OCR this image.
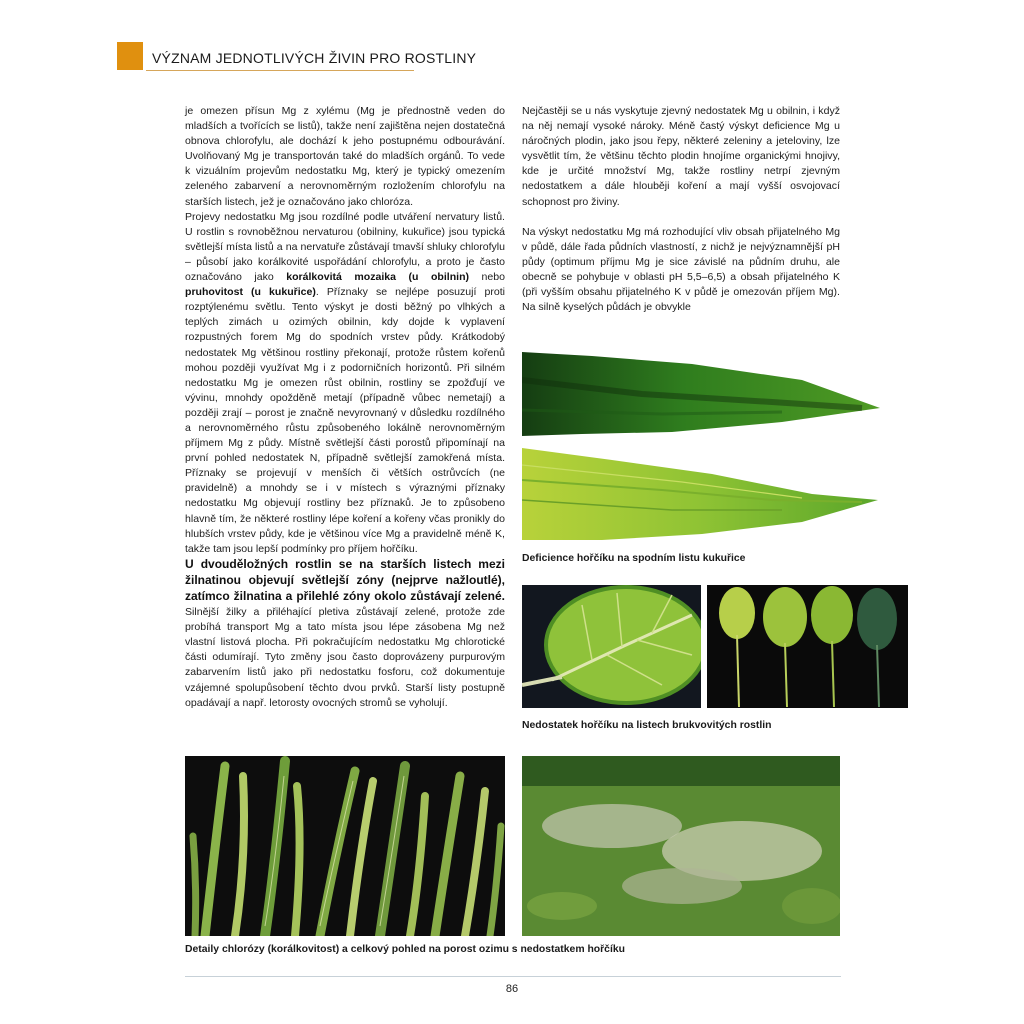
VÝZNAM JEDNOTLIVÝCH ŽIVIN PRO ROSTLINY

je omezen přísun Mg z xylému (Mg je přednostně veden do mladších a tvořících se listů), takže není zajištěna nejen dostatečná obnova chlorofylu, ale dochází k jeho postupnému odbourávání. Uvolňovaný Mg je transportován také do mladších orgánů. To vede k vizuálním projevům nedostatku Mg, který je typický omezením zeleného zabarvení a nerovnoměrným rozložením chlorofylu na starších listech, jež je označováno jako chloróza.

Projevy nedostatku Mg jsou rozdílné podle utváření nervatury listů. U rostlin s rovnoběžnou nervaturou (obilniny, kukuřice) jsou typická světlejší místa listů a na nervatuře zůstávají tmavší shluky chlorofylu – působí jako korálkovité uspořádání chlorofylu, a proto je často označováno jako korálkovitá mozaika (u obilnin) nebo pruhovitost (u kukuřice). Příznaky se nejlépe posuzují proti rozptýlenému světlu. Tento výskyt je dosti běžný po vlhkých a teplých zimách u ozimých obilnin, kdy dojde k vyplavení rozpustných forem Mg do spodních vrstev půdy. Krátkodobý nedostatek Mg většinou rostliny překonají, protože růstem kořenů mohou později využívat Mg i z podorničních horizontů. Při silném nedostatku Mg je omezen růst obilnin, rostliny se zpožďují ve vývinu, mnohdy opožděně metají (případně vůbec nemetají) a později zrají – porost je značně nevyrovnaný v důsledku rozdílného a nerovnoměrného růstu způsobeného lokálně nerovnoměrným příjmem Mg z půdy. Místně světlejší části porostů připomínají na první pohled nedostatek N, případně světlejší zamokřená místa. Příznaky se projevují v menších či větších ostrůvcích (ne pravidelně) a mnohdy se i v místech s výraznými příznaky nedostatku Mg objevují rostliny bez příznaků. Je to způsobeno hlavně tím, že některé rostliny lépe koření a kořeny včas pronikly do hlubších vrstev půdy, kde je většinou více Mg a pravidelně méně K, takže tam jsou lepší podmínky pro příjem hořčíku.

U dvouděložných rostlin se na starších listech mezi žilnatinou objevují světlejší zóny (nejprve nažloutlé), zatímco žilnatina a přilehlé zóny okolo zůstávají zelené. Silnější žilky a přiléhající pletiva zůstávají zelené, protože zde probíhá transport Mg a tato místa jsou lépe zásobena Mg než vlastní listová plocha. Při pokračujícím nedostatku Mg chlorotické části odumírají. Tyto změny jsou často doprovázeny purpurovým zabarvením listů jako při nedostatku fosforu, což dokumentuje vzájemné spolupůsobení těchto dvou prvků. Starší listy postupně opadávají a např. letorosty ovocných stromů se vyholují.

Nejčastěji se u nás vyskytuje zjevný nedostatek Mg u obilnin, i když na něj nemají vysoké nároky. Méně častý výskyt deficience Mg u náročných plodin, jako jsou řepy, některé zeleniny a jeteloviny, lze vysvětlit tím, že většinu těchto plodin hnojíme organickými hnojivy, kde je určité množství Mg, takže rostliny netrpí zjevným nedostatkem a dále hlouběji koření a mají vyšší osvojovací schopnost pro živiny.

Na výskyt nedostatku Mg má rozhodující vliv obsah přijatelného Mg v půdě, dále řada půdních vlastností, z nichž je nejvýznamnější pH půdy (optimum příjmu Mg je sice závislé na půdním druhu, ale obecně se pohybuje v oblasti pH 5,5–6,5) a obsah přijatelného K (při vyšším obsahu přijatelného K v půdě je omezován příjem Mg). Na silně kyselých půdách je obvykle

Deficience hořčíku na spodním listu kukuřice
Nedostatek hořčíku na listech brukvovitých rostlin
Detaily chlorózy (korálkovitost) a celkový pohled na porost ozimu s nedostatkem hořčíku
86
